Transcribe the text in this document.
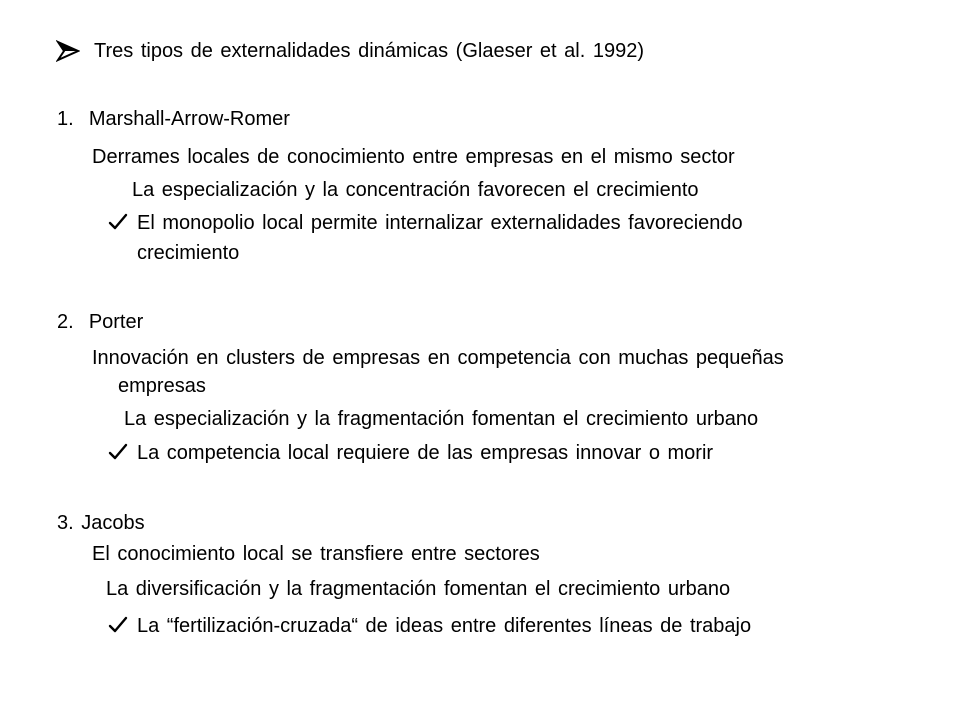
Tres tipos de externalidades dinámicas (Glaeser et al. 1992)
1. Marshall-Arrow-Romer
Derrames locales de conocimiento entre empresas en el mismo sector
La especialización y la concentración favorecen el crecimiento
El monopolio local permite internalizar externalidades favoreciendo
crecimiento
2. Porter
Innovación en clusters de empresas en competencia con muchas pequeñas
empresas
La especialización y la fragmentación fomentan el crecimiento urbano
La competencia local requiere de las empresas innovar o morir
3. Jacobs
El conocimiento local se transfiere entre sectores
La diversificación y la fragmentación fomentan el crecimiento urbano
La “fertilización-cruzada“ de ideas entre diferentes líneas de trabajo
